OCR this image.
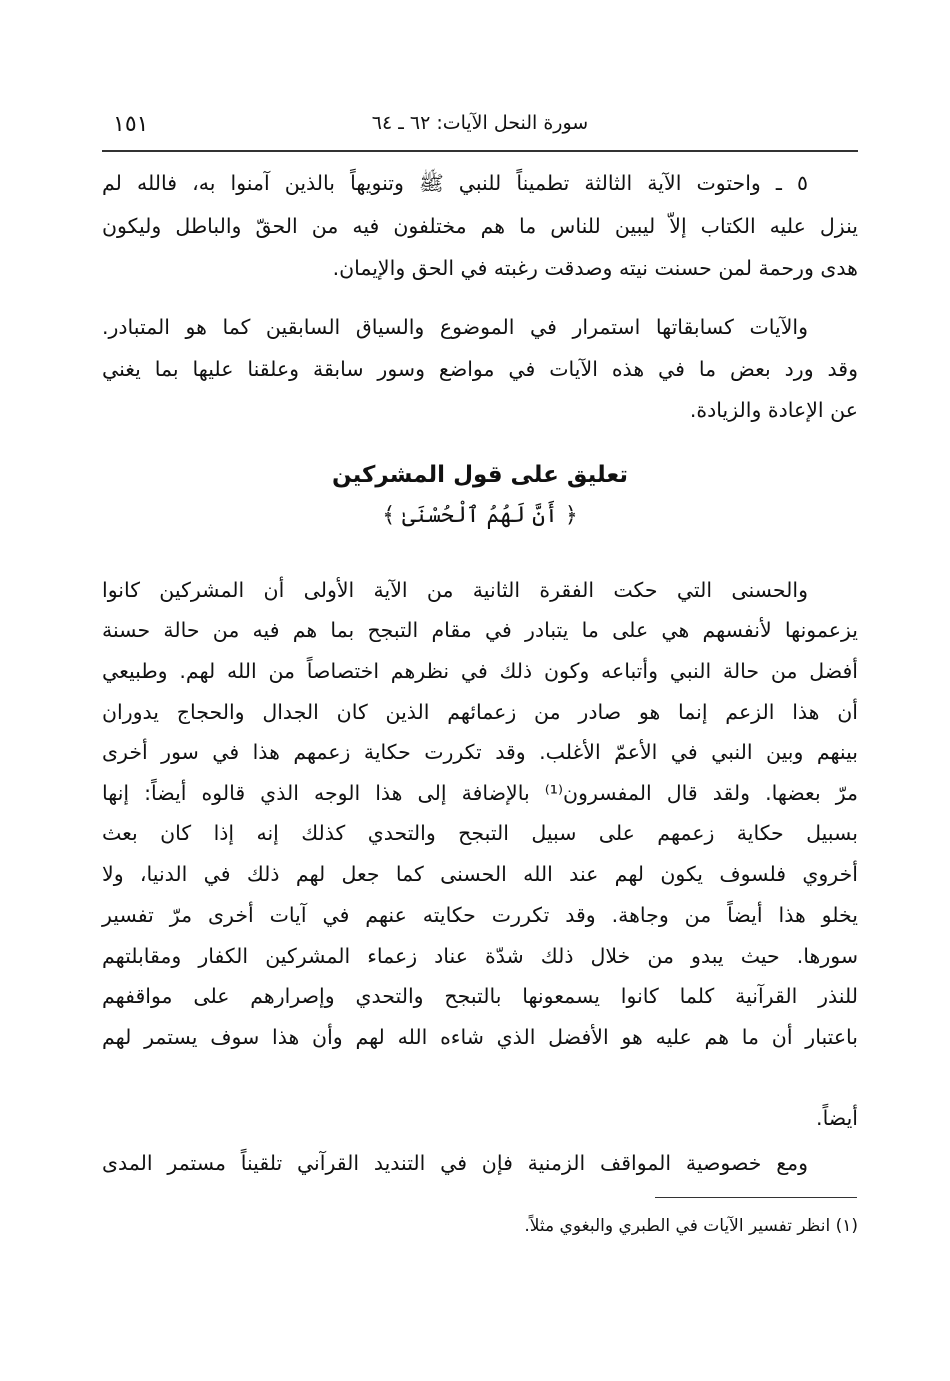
سورة النحل الآيات: ٦٢ ـ ٦٤
١٥١
٥ ـ واحتوت الآية الثالثة تطميناً للنبي ﷺ وتنويهاً بالذين آمنوا به، فالله لم
ينزل عليه الكتاب إلاّ ليبين للناس ما هم مختلفون فيه من الحقّ والباطل وليكون
هدى ورحمة لمن حسنت نيته وصدقت رغبته في الحق والإيمان.
والآيات كسابقاتها استمرار في الموضوع والسياق السابقين كما هو المتبادر.
وقد ورد بعض ما في هذه الآيات في مواضع وسور سابقة وعلقنا عليها بما يغني
عن الإعادة والزيادة.
تعليق على قول المشركين
﴿ أَنَّ لَهُمُ ٱلْحُسْنَىٰ ﴾
والحسنى التي حكت الفقرة الثانية من الآية الأولى أن المشركين كانوا
يزعمونها لأنفسهم هي على ما يتبادر في مقام التبجح بما هم فيه من حالة حسنة
أفضل من حالة النبي وأتباعه وكون ذلك في نظرهم اختصاصاً من الله لهم. وطبيعي
أن هذا الزعم إنما هو صادر من زعمائهم الذين كان الجدال والحجاج يدوران
بينهم وبين النبي في الأعمّ الأغلب. وقد تكررت حكاية زعمهم هذا في سور أخرى
مرّ بعضها. ولقد قال المفسرون⁽¹⁾ بالإضافة إلى هذا الوجه الذي قالوه أيضاً: إنها
بسبيل حكاية زعمهم على سبيل التبجح والتحدي كذلك إنه إذا كان بعث
أخروي فلسوف يكون لهم عند الله الحسنى كما جعل لهم ذلك في الدنيا، ولا
يخلو هذا أيضاً من وجاهة. وقد تكررت حكايته عنهم في آيات أخرى مرّ تفسير
سورها. حيث يبدو من خلال ذلك شدّة عناد زعماء المشركين الكفار ومقابلتهم
للنذر القرآنية كلما كانوا يسمعونها بالتبجح والتحدي وإصرارهم على مواقفهم
باعتبار أن ما هم عليه هو الأفضل الذي شاءه الله لهم وأن هذا سوف يستمر لهم
أيضاً.
ومع خصوصية المواقف الزمنية فإن في التنديد القرآني تلقيناً مستمر المدى
(١) انظر تفسير الآيات في الطبري والبغوي مثلاً.
